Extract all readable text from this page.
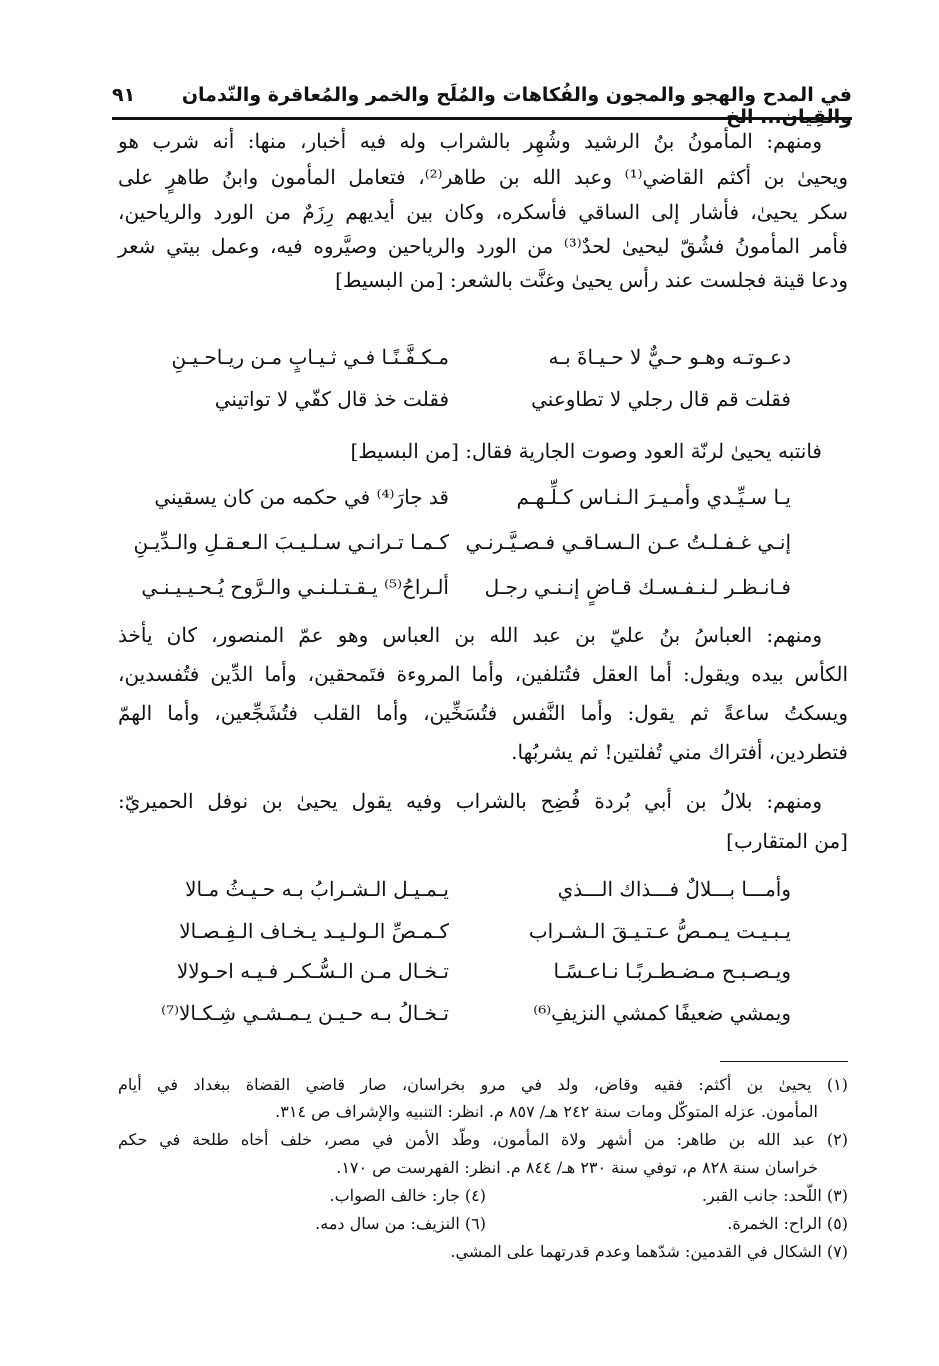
في المدح والهجو والمجون والفُكاهات والمُلَح والخمر والمُعاقرة والنّدمان
٩١
ومنهم: المأمونُ بنُ الرشيد وشُهِر بالشراب وله فيه أخبار، منها: أنه شرب هو
ويحيىٰ بن أكثم القاضي⁽¹⁾ وعبد الله بن طاهر⁽²⁾، فتعامل المأمون وابنُ طاهرٍ على
سكر يحيىٰ، فأشار إلى الساقي فأسكره، وكان بين أيديهم رِزَمٌ من الورد والرياحين،
فأمر المأمونُ فشُقّ ليحيىٰ لحدٌ⁽³⁾ من الورد والرياحين وصيَّروه فيه، وعمل بيتي شعر
ودعا قينة فجلست عند رأس يحيىٰ وغنَّت بالشعر: [من البسيط]
دعـوتـه وهـو حـيٌّ لا حـيـاةَ بـه
مـكـفَّـنًـا فـي ثـيـابٍ مـن ريـاحـيـنِ
فقلت قم قال رجلي لا تطاوعني
فقلت خذ قال كفّي لا تواتيني
فانتبه يحيىٰ لرنّة العود وصوت الجارية فقال: [من البسيط]
يـا سـيِّـدي وأمـيـرَ الـنـاس كـلِّـهـم
قد جارَ⁽⁴⁾ في حكمه من كان يسقيني
إنـي غـفـلـتُ عـن الـسـاقـي فـصـيَّـرنـي
كـمـا تـرانـي سـلـيـبَ الـعـقـلِ والـدِّيـنِ
فـانـظـر لـنـفـسـك قـاضٍ إنـنـي رجـل
ألـراحُ⁽⁵⁾ يـقـتـلـنـي والـرَّوح يُـحـيـيـنـي
ومنهم: العباسُ بنُ عليّ بن عبد الله بن العباس وهو عمّ المنصور، كان يأخذ
الكأس بيده ويقول: أما العقل فتُتلفين، وأما المروءة فتَمحقين، وأما الدِّين فتُفسدين،
ويسكتُ ساعةً ثم يقول: وأما النَّفس فتُسَخِّين، وأما القلب فتُشَجِّعين، وأما الهمّ
فتطردين، أفتراك مني تُفلتين! ثم يشربُها.
ومنهم: بلالُ بن أبي بُردة فُضِح بالشراب وفيه يقول يحيىٰ بن نوفل الحميريّ:
[من المتقارب]
وأمـــا بـــلالٌ فـــذاك الـــذي
يـمـيـل الـشـرابُ بـه حـيـثُ مـالا
يـبـيـت يـمـصُّ عـتـيـقَ الـشـراب
كـمـصِّ الـولـيـد يـخـاف الـفِـصـالا
ويـصـبـح مـضـطـربًـا نـاعـسًـا
تـخـال مـن الـسُّـكـر فـيـه احـولالا
ويمشي ضعيفًا كمشي النزيفِ⁽⁶⁾
تـخـالُ بـه حـيـن يـمـشـي شِـكـالا⁽⁷⁾
(١) يحيىٰ بن أكثم: فقيه وقاض، ولد في مرو بخراسان، صار قاضي القضاة ببغداد في أيام
المأمون. عزله المتوكّل ومات سنة ٢٤٢ هـ/ ٨٥٧ م. انظر: التنبيه والإشراف ص ٣١٤.
(٢) عبد الله بن طاهر: من أشهر ولاة المأمون، وطّد الأمن في مصر، خلف أخاه طلحة في حكم
خراسان سنة ٨٢٨ م، توفي سنة ٢٣٠ هـ/ ٨٤٤ م. انظر: الفهرست ص ١٧٠.
(٣) اللّحد: جانب القبر.
(٤) جار: خالف الصواب.
(٥) الراح: الخمرة.
(٦) النزيف: من سال دمه.
(٧) الشكال في القدمين: شدّهما وعدم قدرتهما على المشي.
